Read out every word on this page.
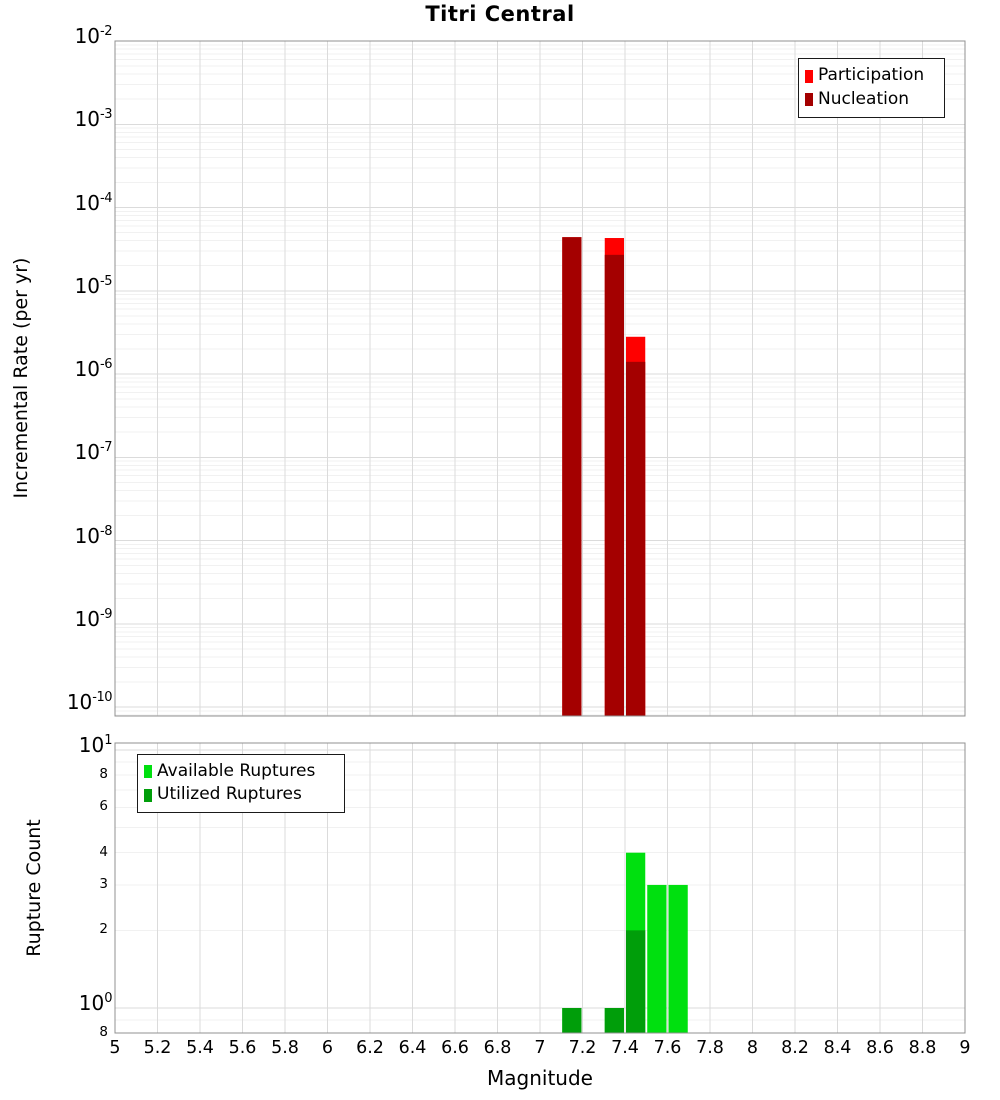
$10^{-2}$
$10^{-3}$
$10^{-4}$
$10^{-5}$
$10^{-6}$
$10^{-7}$
$10^{-8}$
$10^{-9}$
$10^{-10}$
$10^1$
$10^0$
8
6
4
3
2
8
5	5.2 5.4 5.6 5.8	6	6.2 6.4 6.6 6.8	7	7.2 7.4 7.6 7.8	8	8.2 8.4 8.6 8.8	9
Titri Central
Incremental Rate (per yr)
Rupture Count
Magnitude
Participation
Nucleation
Available Ruptures
Utilized Ruptures
